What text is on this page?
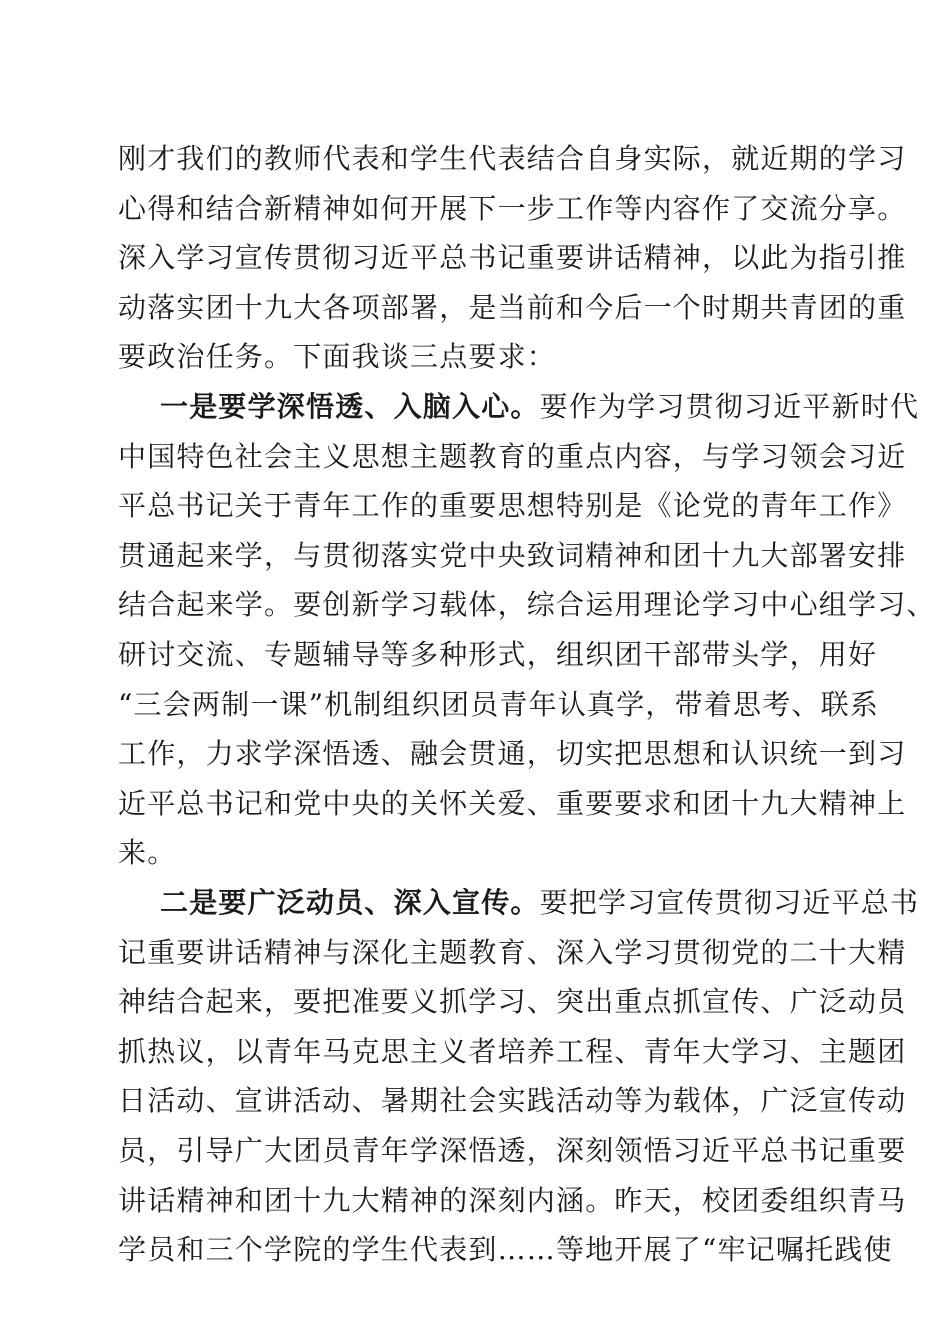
刚才我们的教师代表和学生代表结合自身实际，就近期的学习
心得和结合新精神如何开展下一步工作等内容作了交流分享。
深入学习宣传贯彻习近平总书记重要讲话精神，以此为指引推
动落实团十九大各项部署，是当前和今后一个时期共青团的重
要政治任务。下面我谈三点要求：
一是要学深悟透、入脑入心。要作为学习贯彻习近平新时代
中国特色社会主义思想主题教育的重点内容，与学习领会习近
平总书记关于青年工作的重要思想特别是《论党的青年工作》
贯通起来学，与贯彻落实党中央致词精神和团十九大部署安排
结合起来学。要创新学习载体，综合运用理论学习中心组学习、
研讨交流、专题辅导等多种形式，组织团干部带头学，用好
“三会两制一课”机制组织团员青年认真学，带着思考、联系
工作，力求学深悟透、融会贯通，切实把思想和认识统一到习
近平总书记和党中央的关怀关爱、重要要求和团十九大精神上
来。
二是要广泛动员、深入宣传。要把学习宣传贯彻习近平总书
记重要讲话精神与深化主题教育、深入学习贯彻党的二十大精
神结合起来，要把准要义抓学习、突出重点抓宣传、广泛动员
抓热议，以青年马克思主义者培养工程、青年大学习、主题团
日活动、宣讲活动、暑期社会实践活动等为载体，广泛宣传动
员，引导广大团员青年学深悟透，深刻领悟习近平总书记重要
讲话精神和团十九大精神的深刻内涵。昨天，校团委组织青马
学员和三个学院的学生代表到……等地开展了“牢记嘱托践使
